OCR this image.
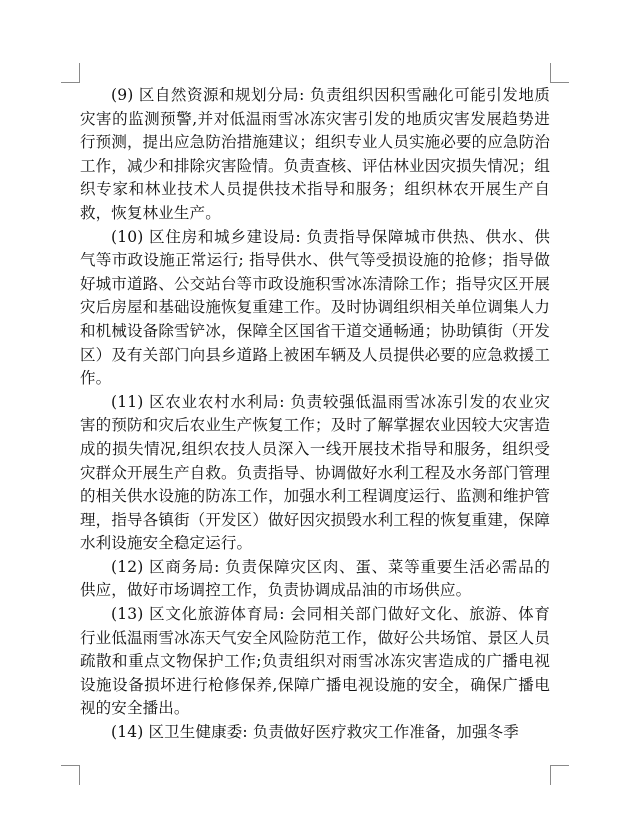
(9) 区自然资源和规划分局: 负责组织因积雪融化可能引发地质灾害的监测预警,并对低温雨雪冰冻灾害引发的地质灾害发展趋势进行预测，提出应急防治措施建议；组织专业人员实施必要的应急防治工作，减少和排除灾害险情。负责查核、评估林业因灾损失情况；组织专家和林业技术人员提供技术指导和服务；组织林农开展生产自救，恢复林业生产。

(10) 区住房和城乡建设局: 负责指导保障城市供热、供水、供气等市政设施正常运行; 指导供水、供气等受损设施的抢修；指导做好城市道路、公交站台等市政设施积雪冰冻清除工作；指导灾区开展灾后房屋和基础设施恢复重建工作。及时协调组织相关单位调集人力和机械设备除雪铲冰，保障全区国省干道交通畅通；协助镇街（开发区）及有关部门向县乡道路上被困车辆及人员提供必要的应急救援工作。

(11) 区农业农村水利局: 负责较强低温雨雪冰冻引发的农业灾害的预防和灾后农业生产恢复工作；及时了解掌握农业因较大灾害造成的损失情况,组织农技人员深入一线开展技术指导和服务，组织受灾群众开展生产自救。负责指导、协调做好水利工程及水务部门管理的相关供水设施的防冻工作，加强水利工程调度运行、监测和维护管理，指导各镇街（开发区）做好因灾损毁水利工程的恢复重建，保障水利设施安全稳定运行。

(12) 区商务局: 负责保障灾区肉、蛋、菜等重要生活必需品的供应，做好市场调控工作，负责协调成品油的市场供应。

(13) 区文化旅游体育局: 会同相关部门做好文化、旅游、体育行业低温雨雪冰冻天气安全风险防范工作，做好公共场馆、景区人员疏散和重点文物保护工作;负责组织对雨雪冰冻灾害造成的广播电视设施设备损坏进行枪修保养,保障广播电视设施的安全，确保广播电视的安全播出。

(14) 区卫生健康委: 负责做好医疗救灾工作准备，加强冬季
